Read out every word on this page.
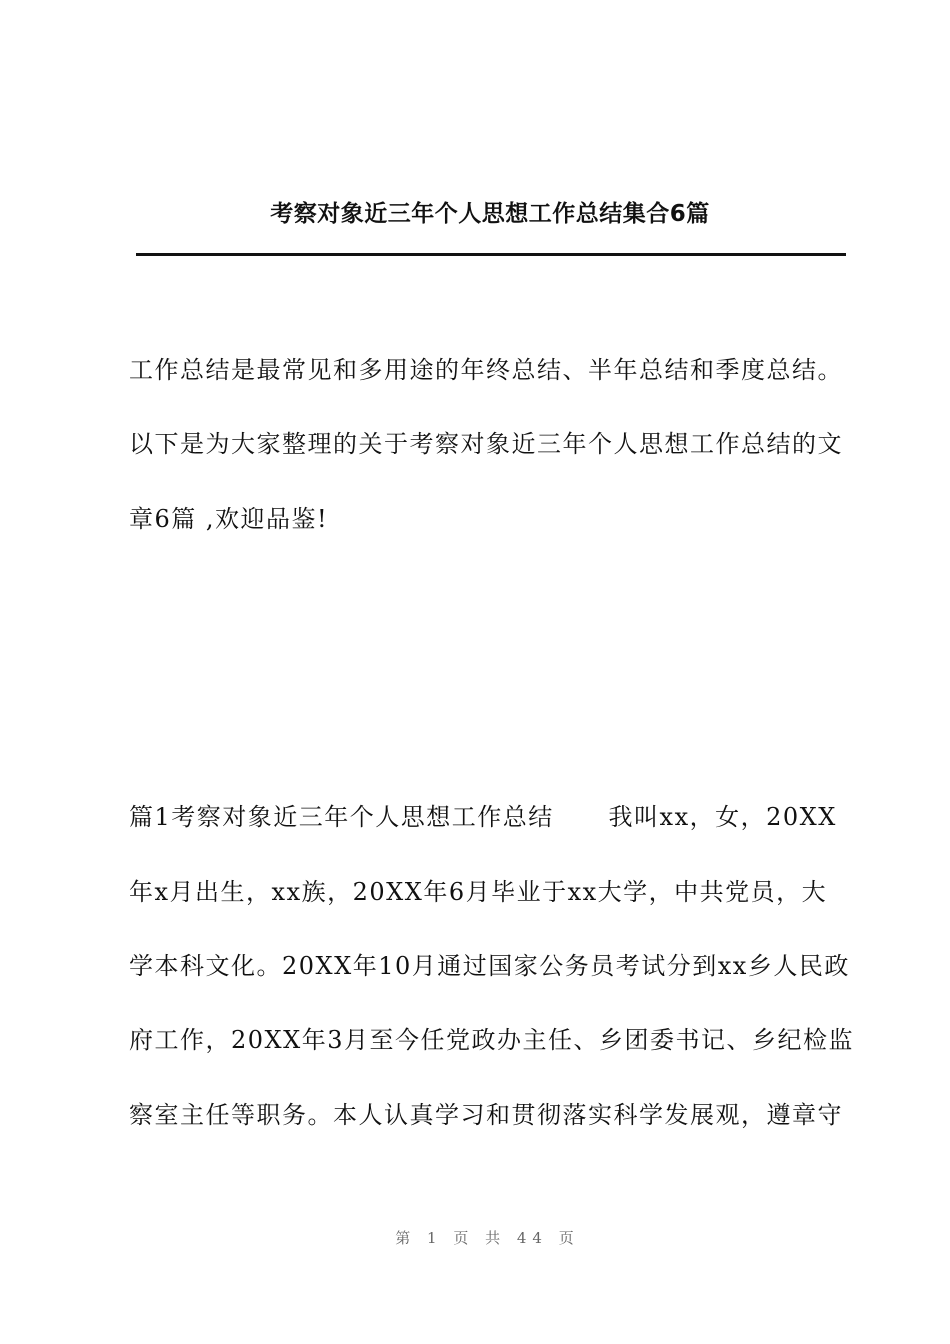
考察对象近三年个人思想工作总结集合6篇

工作总结是最常见和多用途的年终总结、半年总结和季度总结。

以下是为大家整理的关于考察对象近三年个人思想工作总结的文

章6篇 ,欢迎品鉴!

篇1考察对象近三年个人思想工作总结      我叫xx，女，20XX

年x月出生，xx族，20XX年6月毕业于xx大学，中共党员，大

学本科文化。20XX年10月通过国家公务员考试分到xx乡人民政

府工作，20XX年3月至今任党政办主任、乡团委书记、乡纪检监

察室主任等职务。本人认真学习和贯彻落实科学发展观，遵章守

第 1 页 共 44 页
